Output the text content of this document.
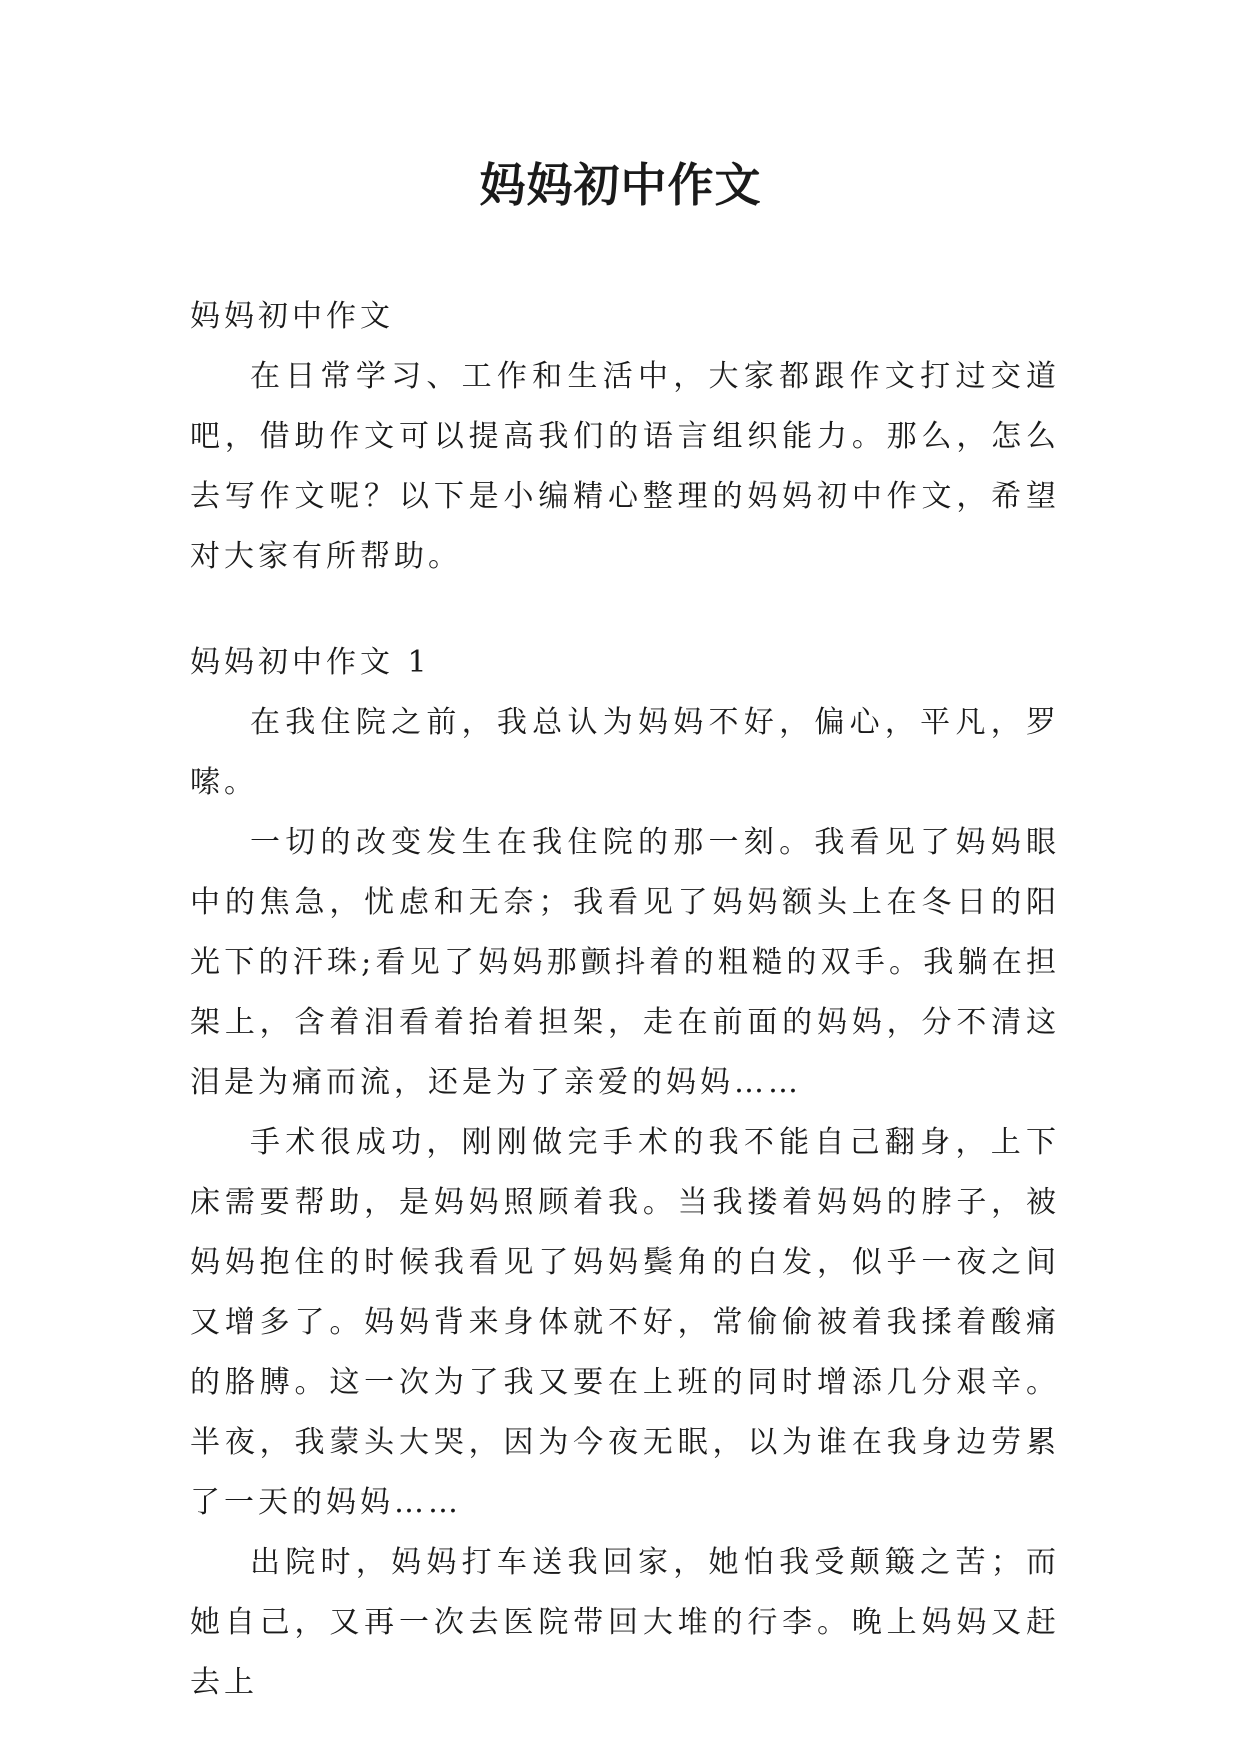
妈妈初中作文
妈妈初中作文

在日常学习、工作和生活中，大家都跟作文打过交道吧，借助作文可以提高我们的语言组织能力。那么，怎么去写作文呢？以下是小编精心整理的妈妈初中作文，希望对大家有所帮助。

妈妈初中作文 1

在我住院之前，我总认为妈妈不好，偏心，平凡，罗嗦。

一切的改变发生在我住院的那一刻。我看见了妈妈眼中的焦急，忧虑和无奈；我看见了妈妈额头上在冬日的阳光下的汗珠;看见了妈妈那颤抖着的粗糙的双手。我躺在担架上，含着泪看着抬着担架，走在前面的妈妈，分不清这泪是为痛而流，还是为了亲爱的妈妈……

手术很成功，刚刚做完手术的我不能自己翻身，上下床需要帮助，是妈妈照顾着我。当我搂着妈妈的脖子，被妈妈抱住的时候我看见了妈妈鬓角的白发，似乎一夜之间又增多了。妈妈背来身体就不好，常偷偷被着我揉着酸痛的胳膊。这一次为了我又要在上班的同时增添几分艰辛。半夜，我蒙头大哭，因为今夜无眠，以为谁在我身边劳累了一天的妈妈……

出院时，妈妈打车送我回家，她怕我受颠簸之苦；而她自己，又再一次去医院带回大堆的行李。晚上妈妈又赶去上
